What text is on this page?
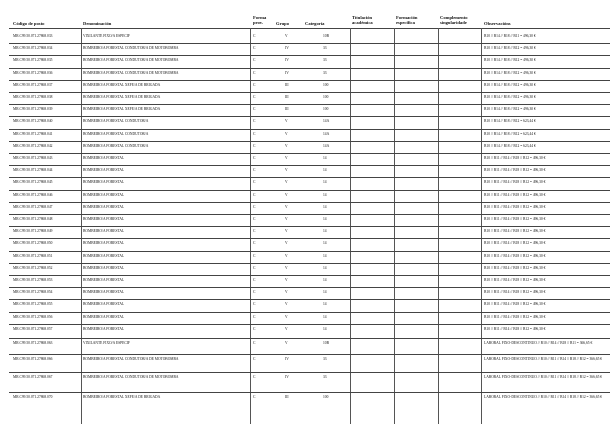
Código de posto	Denominación
Forma
prov.	Grupo	Categoría
Titulación
académica
Formación
específica
Complemento
singularidade	Observacións
MR.C99.50.071.27868.033	VIXILANTE FIXO/A ESPECIF	C	V	10B	B10 // B14 // B18 // B11 = 496,30 €
MR.C99.50.071.27868.034	BOMBEIRO/A FORESTAL CONDUTOR/A DE MOTOBOMBA	C	IV	33	B10 // B14 // B18 // B12 = 496,30 €
MR.C99.50.071.27868.035	BOMBEIRO/A FORESTAL CONDUTOR/A DE MOTOBOMBA	C	IV	33	B10 // B14 // B18 // B12 = 496,30 €
MR.C99.50.071.27868.036	BOMBEIRO/A FORESTAL CONDUTOR/A DE MOTOBOMBA	C	IV	33	B10 // B14 // B18 // B12 = 496,30 €
MR.C99.50.071.27868.037	BOMBEIRO/A FORESTAL XEFE/A DE BRIGADA	C	III	100	B10 // B14 // B18 // B12 = 496,30 €
MR.C99.50.071.27868.038	BOMBEIRO/A FORESTAL XEFE/A DE BRIGADA	C	III	100	B10 // B14 // B18 // B12 = 496,30 €
MR.C99.50.071.27868.039	BOMBEIRO/A FORESTAL XEFE/A DE BRIGADA	C	III	100	B10 // B14 // B18 // B12 = 496,30 €
MR.C99.50.071.27868.040	BOMBEIRO/A FORESTAL CONDUTOR/A	C	V	14A	B10 // B14 // B18 // B12 = 623,44 €
MR.C99.50.071.27868.041	BOMBEIRO/A FORESTAL CONDUTOR/A	C	V	14A	B10 // B14 // B18 // B12 = 623,44 €
MR.C99.50.071.27868.042	BOMBEIRO/A FORESTAL CONDUTOR/A	C	V	14A	B10 // B14 // B18 // B12 = 623,44 €
MR.C99.50.071.27868.043	BOMBEIRO/A FORESTAL	C	V	14	B10 // B11 // B14 // B18 // B12 = 496,30 €
MR.C99.50.071.27868.044	BOMBEIRO/A FORESTAL	C	V	14	B10 // B11 // B14 // B18 // B12 = 496,30 €
MR.C99.50.071.27868.045	BOMBEIRO/A FORESTAL	C	V	14	B10 // B11 // B14 // B18 // B12 = 496,30 €
MR.C99.50.071.27868.046	BOMBEIRO/A FORESTAL	C	V	14	B10 // B11 // B14 // B18 // B12 = 496,30 €
MR.C99.50.071.27868.047	BOMBEIRO/A FORESTAL	C	V	14	B10 // B11 // B14 // B18 // B12 = 496,30 €
MR.C99.50.071.27868.048	BOMBEIRO/A FORESTAL	C	V	14	B10 // B11 // B14 // B18 // B12 = 496,30 €
MR.C99.50.071.27868.049	BOMBEIRO/A FORESTAL	C	V	14	B10 // B11 // B14 // B18 // B12 = 496,30 €
MR.C99.50.071.27868.050	BOMBEIRO/A FORESTAL	C	V	14	B10 // B11 // B14 // B18 // B12 = 496,30 €
MR.C99.50.071.27868.051	BOMBEIRO/A FORESTAL	C	V	14	B10 // B11 // B14 // B18 // B12 = 496,30 €
MR.C99.50.071.27868.052	BOMBEIRO/A FORESTAL	C	V	14	B10 // B11 // B14 // B18 // B12 = 496,30 €
MR.C99.50.071.27868.053	BOMBEIRO/A FORESTAL	C	V	14	B10 // B11 // B14 // B18 // B12 = 496,30 €
MR.C99.50.071.27868.054	BOMBEIRO/A FORESTAL	C	V	14	B10 // B11 // B14 // B18 // B12 = 496,30 €
MR.C99.50.071.27868.055	BOMBEIRO/A FORESTAL	C	V	14	B10 // B11 // B14 // B18 // B12 = 496,30 €
MR.C99.50.071.27868.056	BOMBEIRO/A FORESTAL	C	V	14	B10 // B11 // B14 // B18 // B12 = 496,30 €
MR.C99.50.071.27868.057	BOMBEIRO/A FORESTAL	C	V	14	B10 // B11 // B14 // B18 // B12 = 496,30 €
MR.C99.50.071.27868.063	VIXILANTE FIXO/A ESPECIF	C	V	10B	LABORAL FIXO-DESCONTINUO // B10 // B14 // B18 // B11 = 366,65 €
MR.C99.50.071.27868.066	BOMBEIRO/A FORESTAL CONDUTOR/A DE MOTOBOMBA	C	IV	33	LABORAL FIXO-DESCONTINUO // B10 // B11 // B14 // B18 // B12 = 366,65 €
MR.C99.50.071.27868.067	BOMBEIRO/A FORESTAL CONDUTOR/A DE MOTOBOMBA	C	IV	33	LABORAL FIXO-DESCONTINUO // B10 // B11 // B14 // B18 // B12 = 366,65 €
MR.C99.50.071.27868.070	BOMBEIRO/A FORESTAL XEFE/A DE BRIGADA	C	III	100	LABORAL FIXO-DESCONTINUO // B10 // B11 // B14 // B18 // B12 = 366,65 €
